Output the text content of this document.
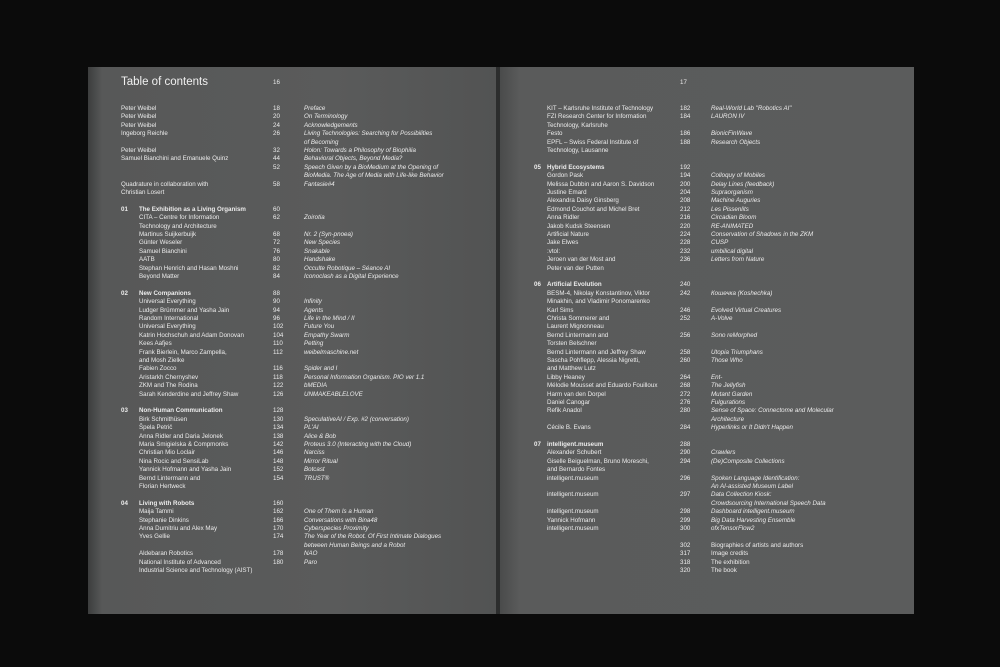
Table of contents	16
Peter Weibel	18	Preface
Peter Weibel	20	On Terminology
Peter Weibel	24	Acknowledgements
Ingeborg Reichle	26	Living Technologies: Searching for Possibilities
of Becoming
Peter Weibel	32	Holon: Towards a Philosophy of Biophilia
Samuel Bianchini and Emanuele Quinz	44	Behavioral Objects, Beyond Media?
52	Speech Given by a BioMedium at the Opening of
BioMedia. The Age of Media with Life-like Behavior
Quadrature in collaboration with	58	Fantasie#4
Christian Losert
01 The Exhibition as a Living Organism	60
CITA – Centre for Information	62	Zoirotia
Technology and Architecture
Martinus Suijkerbuijk	68	Nr. 2 (Syn-pnoea)
Günter Weseler	72	New Species
Samuel Bianchini	76	Snakable
AATB	80	Handshake
Stephan Henrich and Hasan Moshni	82	Occulte Robotique – Séance AI
Beyond Matter	84	Iconoclash as a Digital Experience
02 New Companions	88
Universal Everything	90	Infinity
Ludger Brümmer and Yasha Jain	94	Agents
Random International	96	Life in the Mind / II
Universal Everything	102	Future You
Katrin Hochschuh and Adam Donovan	104	Empathy Swarm
Kees Aafjes	110	Petting
Frank Bierlein, Marco Zampella,	112	weibelmaschine.net
and Mosh Zielke
Fabien Zocco	116	Spider and I
Aristarkh Chernyshev	118	Personal Information Organism. PIO ver 1.1
ZKM and The Rodina	122	bMEDIA
Sarah Kenderdine and Jeffrey Shaw	126	UNMAKEABLELOVE
03 Non-Human Communication	128
Birk Schmithüsen	130	SpeculativeAI / Exp. #2 (conversation)
Špela Petrič	134	PL'AI
Anna Ridler and Daria Jelonek	138	Alice & Bob
Maria Smigielska & Compmonks	142	Proteus 3.0 (Interacting with the Cloud)
Christian Mio Loclair	146	Narciss
Nina Rocic and SensiLab	148	Mirror Ritual
Yannick Hofmann and Yasha Jain	152	Botcast
Bernd Lintermann and	154	TRUST®
Florian Hertweck
04 Living with Robots	160
Maija Tammi	162	One of Them Is a Human
Stephanie Dinkins	166	Conversations with Bina48
Anna Dumitriu and Alex May	170	Cyberspecies Proximity
Yves Gellie	174	The Year of the Robot. Of First Intimate Dialogues
between Human Beings and a Robot
Aldebaran Robotics	178	NAO
National Institute of Advanced	180	Paro
Industrial Science and Technology (AIST)
17
KIT – Karlsruhe Institute of Technology	182	Real-World Lab "Robotics AI"
FZI Research Center for Information	184	LAURON IV
Technology, Karlsruhe
Festo	186	BionicFinWave
EPFL – Swiss Federal Institute of	188	Research Objects
Technology, Lausanne
05 Hybrid Ecosystems	192
Gordon Pask	194	Colloquy of Mobiles
Melissa Dubbin and Aaron S. Davidson	200	Delay Lines (feedback)
Justine Emard	204	Supraorganism
Alexandra Daisy Ginsberg	208	Machine Auguries
Edmond Couchot and Michel Bret	212	Les Pissenlits
Anna Ridler	216	Circadian Bloom
Jakob Kudsk Steensen	220	RE-ANIMATED
Artificial Nature	224	Conservation of Shadows in the ZKM
Jake Elwes	228	CUSP
:vtol:	232	umbilical digital
Jeroen van der Most and	236	Letters from Nature
Peter van der Putten
06 Artificial Evolution	240
BESM-4, Nikolay Konstantinov, Viktor	242	Кошечка (Koshechka)
Minakhin, and Vladimir Ponomarenko
Karl Sims	246	Evolved Virtual Creatures
Christa Sommerer and	252	A-Volve
Laurent Mignonneau
Bernd Lintermann and	256	Sono reMorphed
Torsten Belschner
Bernd Lintermann and Jeffrey Shaw	258	Utopia Triumphans
Sascha Pohflepp, Alessia Nigretti,	260	Those Who
and Matthew Lutz
Libby Heaney	264	Ent-
Mélodie Mousset and Eduardo Fouilloux	268	The Jellyfish
Harm van den Dorpel	272	Mutant Garden
Daniel Canogar	276	Fulgurations
Refik Anadol	280	Sense of Space: Connectome and Molecular
Architecture
Cécile B. Evans	284	Hyperlinks or It Didn't Happen
07 intelligent.museum	288
Alexander Schubert	290	Crawlers
Giselle Beiguelman, Bruno Moreschi,	294	(De)Composite Collections
and Bernardo Fontes
intelligent.museum	296	Spoken Language Identification:
An AI-assisted Museum Label
intelligent.museum	297	Data Collection Kiosk:
Crowdsourcing International Speech Data
intelligent.museum	298	Dashboard intelligent.museum
Yannick Hofmann	299	Big Data Harvesting Ensemble
intelligent.museum	300	ofxTensorFlow2
302	Biographies of artists and authors
317	Image credits
318	The exhibition
320	The book
